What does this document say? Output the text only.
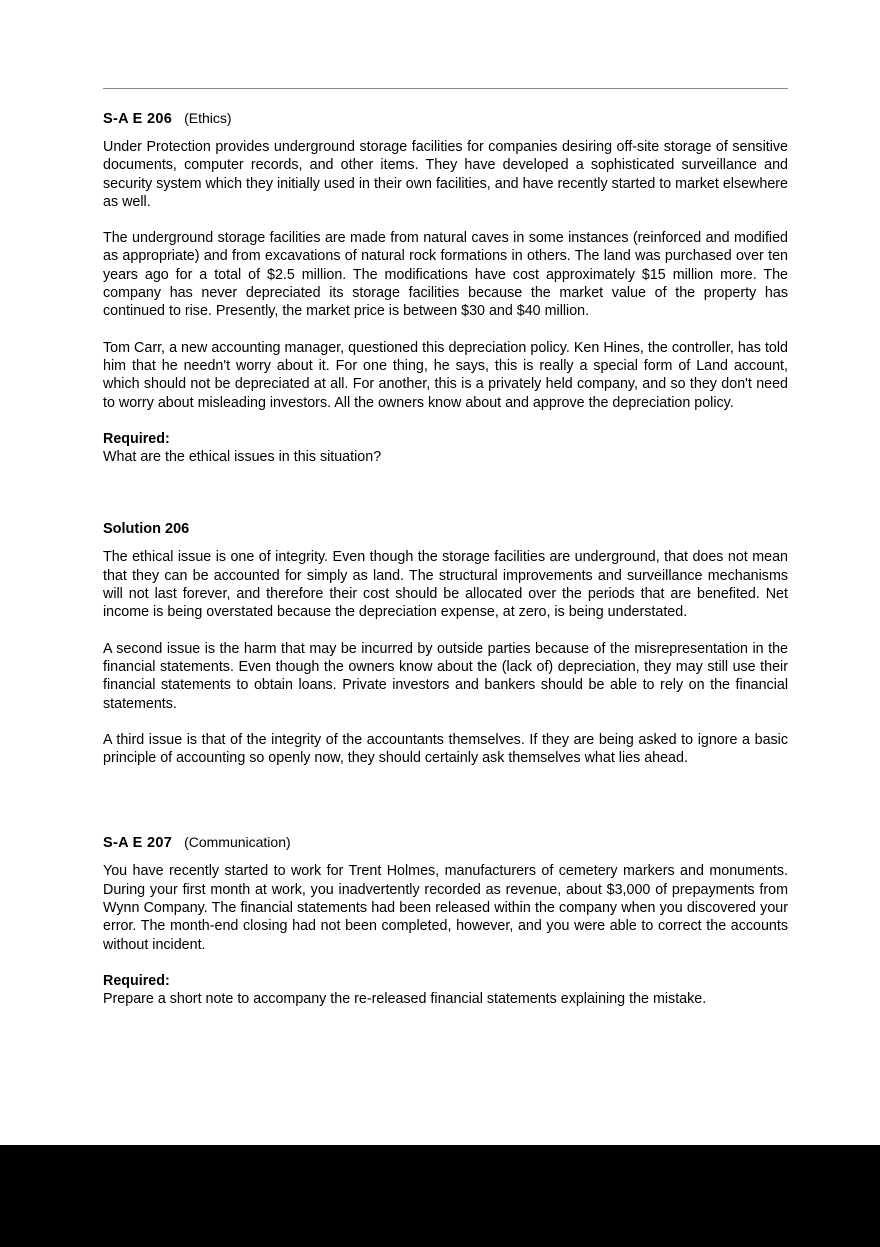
S-A E 206 (Ethics)

Under Protection provides underground storage facilities for companies desiring off-site storage of sensitive documents, computer records, and other items. They have developed a sophisticated surveillance and security system which they initially used in their own facilities, and have recently started to market elsewhere as well.

The underground storage facilities are made from natural caves in some instances (reinforced and modified as appropriate) and from excavations of natural rock formations in others. The land was purchased over ten years ago for a total of $2.5 million. The modifications have cost approximately $15 million more. The company has never depreciated its storage facilities because the market value of the property has continued to rise. Presently, the market price is between $30 and $40 million.

Tom Carr, a new accounting manager, questioned this depreciation policy. Ken Hines, the controller, has told him that he needn't worry about it. For one thing, he says, this is really a special form of Land account, which should not be depreciated at all. For another, this is a privately held company, and so they don't need to worry about misleading investors. All the owners know about and approve the depreciation policy.

Required:
What are the ethical issues in this situation?
Solution 206

The ethical issue is one of integrity. Even though the storage facilities are underground, that does not mean that they can be accounted for simply as land. The structural improvements and surveillance mechanisms will not last forever, and therefore their cost should be allocated over the periods that are benefited. Net income is being overstated because the depreciation expense, at zero, is being understated.

A second issue is the harm that may be incurred by outside parties because of the misrepresentation in the financial statements. Even though the owners know about the (lack of) depreciation, they may still use their financial statements to obtain loans. Private investors and bankers should be able to rely on the financial statements.

A third issue is that of the integrity of the accountants themselves. If they are being asked to ignore a basic principle of accounting so openly now, they should certainly ask themselves what lies ahead.

S-A E 207 (Communication)

You have recently started to work for Trent Holmes, manufacturers of cemetery markers and monuments. During your first month at work, you inadvertently recorded as revenue, about $3,000 of prepayments from Wynn Company. The financial statements had been released within the company when you discovered your error. The month-end closing had not been completed, however, and you were able to correct the accounts without incident.

Required:
Prepare a short note to accompany the re-released financial statements explaining the mistake.
